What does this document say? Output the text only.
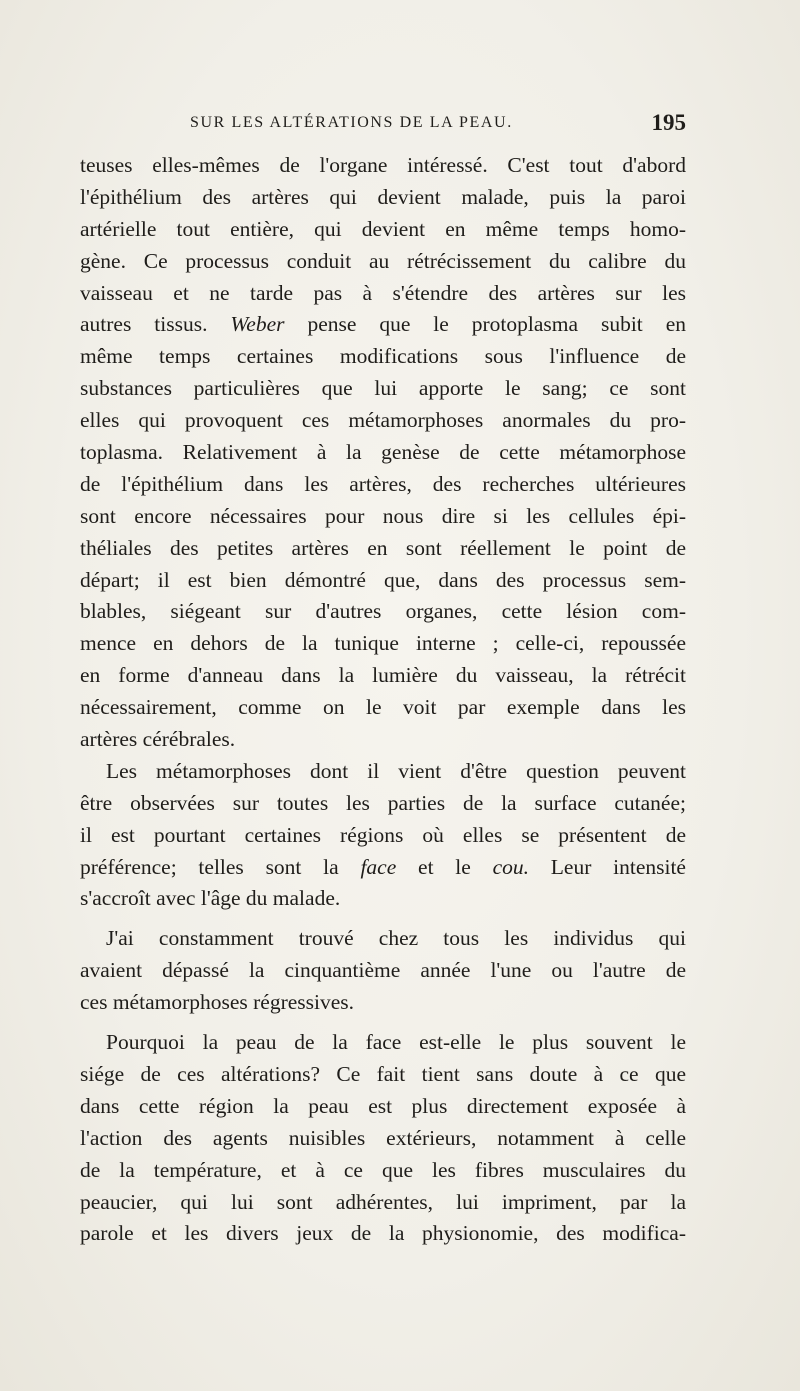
SUR LES ALTÉRATIONS DE LA PEAU.	195
teuses elles-mêmes de l'organe intéressé. C'est tout d'abord
l'épithélium des artères qui devient malade, puis la paroi
artérielle tout entière, qui devient en même temps homo-
gène. Ce processus conduit au rétrécissement du calibre du
vaisseau et ne tarde pas à s'étendre des artères sur les
autres tissus. Weber pense que le protoplasma subit en
même temps certaines modifications sous l'influence de
substances particulières que lui apporte le sang; ce sont
elles qui provoquent ces métamorphoses anormales du pro-
toplasma. Relativement à la genèse de cette métamorphose
de l'épithélium dans les artères, des recherches ultérieures
sont encore nécessaires pour nous dire si les cellules épi-
théliales des petites artères en sont réellement le point de
départ; il est bien démontré que, dans des processus sem-
blables, siégeant sur d'autres organes, cette lésion com-
mence en dehors de la tunique interne ; celle-ci, repoussée
en forme d'anneau dans la lumière du vaisseau, la rétrécit
nécessairement, comme on le voit par exemple dans les
artères cérébrales.
Les métamorphoses dont il vient d'être question peuvent
être observées sur toutes les parties de la surface cutanée;
il est pourtant certaines régions où elles se présentent de
préférence; telles sont la face et le cou. Leur intensité
s'accroît avec l'âge du malade.
J'ai constamment trouvé chez tous les individus qui
avaient dépassé la cinquantième année l'une ou l'autre de
ces métamorphoses régressives.
Pourquoi la peau de la face est-elle le plus souvent le
siége de ces altérations? Ce fait tient sans doute à ce que
dans cette région la peau est plus directement exposée à
l'action des agents nuisibles extérieurs, notamment à celle
de la température, et à ce que les fibres musculaires du
peaucier, qui lui sont adhérentes, lui impriment, par la
parole et les divers jeux de la physionomie, des modifica-
